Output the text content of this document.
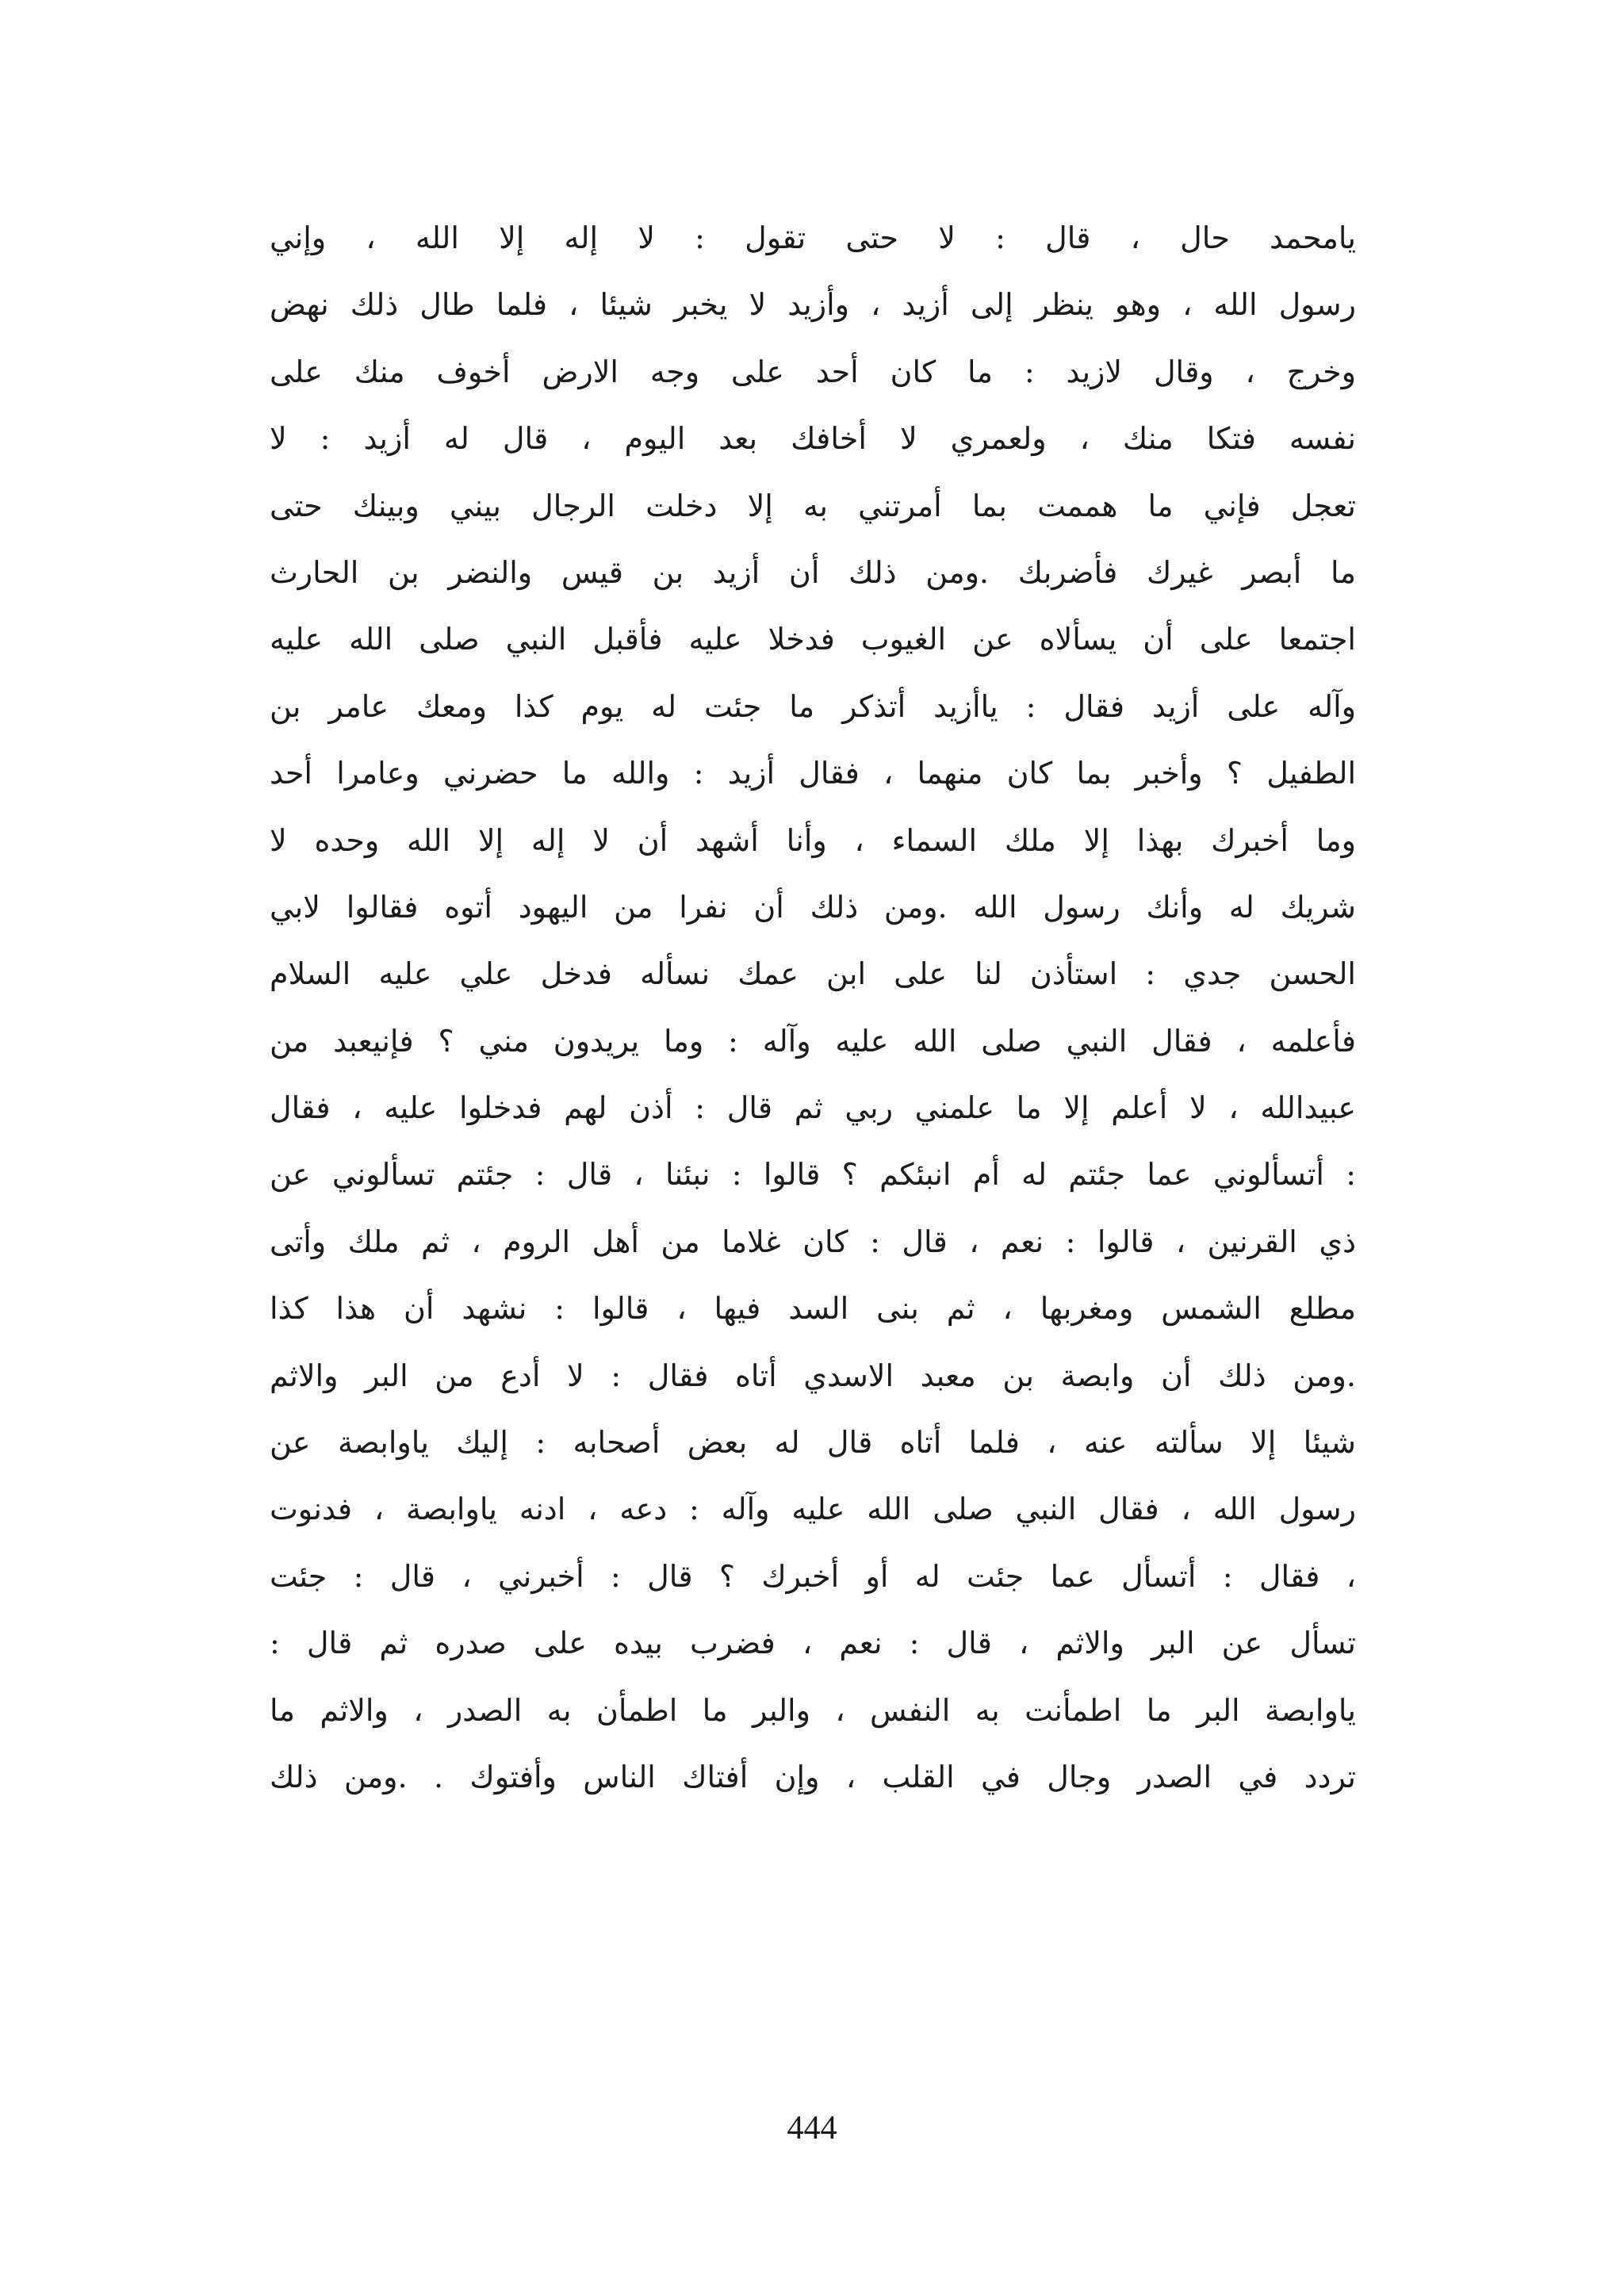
يامحمد حال ، قال : لا حتى تقول : لا إله إلا الله ، وإني
رسول الله ، وهو ينظر إلى أزيد ، وأزيد لا يخبر شيئا ، فلما طال ذلك نهض
وخرج ، وقال لازيد : ما كان أحد على وجه الارض أخوف منك على
نفسه فتكا منك ، ولعمري لا أخافك بعد اليوم ، قال له أزيد : لا
تعجل فإني ما هممت بما أمرتني به إلا دخلت الرجال بيني وبينك حتى
ما أبصر غيرك فأضربك .ومن ذلك أن أزيد بن قيس والنضر بن الحارث
اجتمعا على أن يسألاه عن الغيوب فدخلا عليه فأقبل النبي صلى الله عليه
وآله على أزيد فقال : ياأزيد أتذكر ما جئت له يوم كذا ومعك عامر بن
الطفيل ؟ وأخبر بما كان منهما ، فقال أزيد : والله ما حضرني وعامرا أحد
وما أخبرك بهذا إلا ملك السماء ، وأنا أشهد أن لا إله إلا الله وحده لا
شريك له وأنك رسول الله .ومن ذلك أن نفرا من اليهود أتوه فقالوا لابي
الحسن جدي : استأذن لنا على ابن عمك نسأله فدخل علي عليه السلام
فأعلمه ، فقال النبي صلى الله عليه وآله : وما يريدون مني ؟ فإنيعبد من
عبيدالله ، لا أعلم إلا ما علمني ربي ثم قال : أذن لهم فدخلوا عليه ، فقال
: أتسألوني عما جئتم له أم انبئكم ؟ قالوا : نبئنا ، قال : جئتم تسألوني عن
ذي القرنين ، قالوا : نعم ، قال : كان غلاما من أهل الروم ، ثم ملك وأتى
مطلع الشمس ومغربها ، ثم بنى السد فيها ، قالوا : نشهد أن هذا كذا
.ومن ذلك أن وابصة بن معبد الاسدي أتاه فقال : لا أدع من البر والاثم
شيئا إلا سألته عنه ، فلما أتاه قال له بعض أصحابه : إليك ياوابصة عن
رسول الله ، فقال النبي صلى الله عليه وآله : دعه ، ادنه ياوابصة ، فدنوت
، فقال : أتسأل عما جئت له أو أخبرك ؟ قال : أخبرني ، قال : جئت
تسأل عن البر والاثم ، قال : نعم ، فضرب بيده على صدره ثم قال :
ياوابصة البر ما اطمأنت به النفس ، والبر ما اطمأن به الصدر ، والاثم ما
تردد في الصدر وجال في القلب ، وإن أفتاك الناس وأفتوك . .ومن ذلك
444
